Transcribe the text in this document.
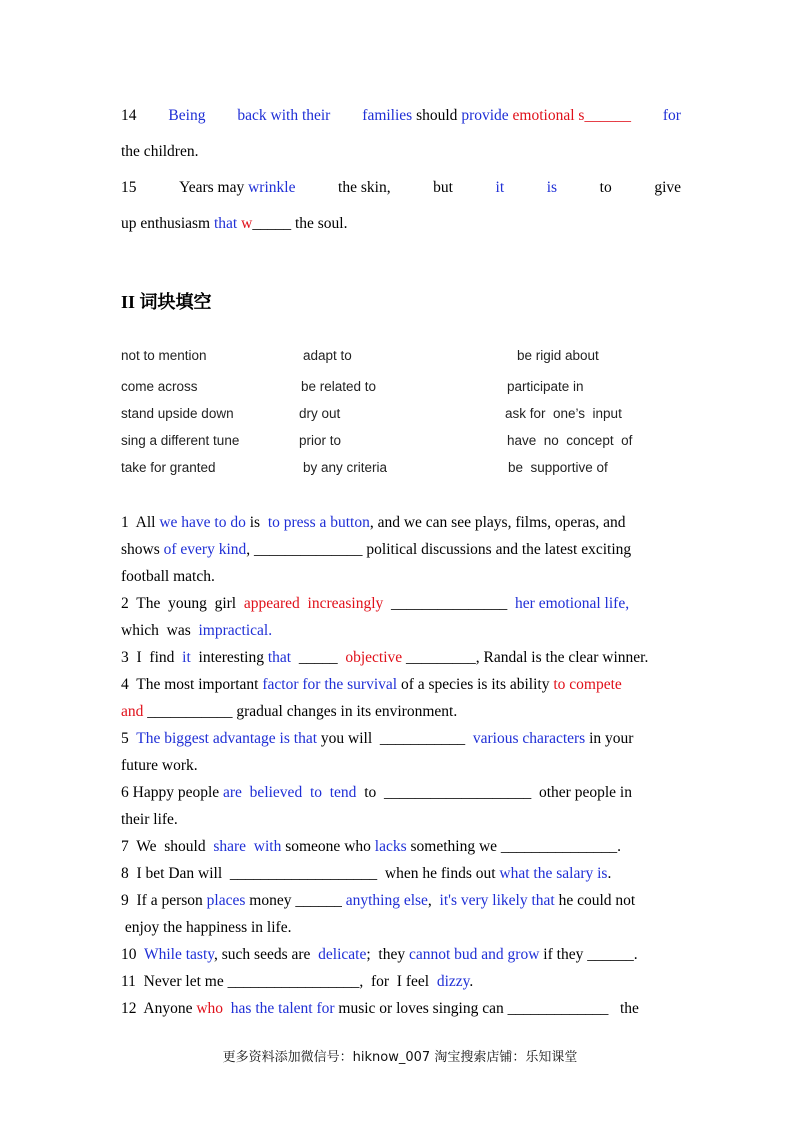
14 Being back with their families should provide emotional s______ for
the children.
15	Years may wrinkle	the skin,	but	it	is	to	give
up enthusiasm that w_____ the soul.
II 词块填空
not to mention	adapt to	be rigid about
come across	be related to	participate in
stand upside down	dry out	ask for  one’s  input
sing a different tune	prior to	have  no  concept  of
take for granted	by any criteria	be  supportive of
1  All we have to do is  to press a button, and we can see plays, films, operas, and
shows of every kind, ______________ political discussions and the latest exciting
football match.
2  The  young  girl  appeared  increasingly  _______________  her emotional life,
which  was  impractical.
3  I  find  it  interesting that  _____  objective _________, Randal is the clear winner.
4  The most important factor for the survival of a species is its ability to compete
and ___________ gradual changes in its environment.
5  The biggest advantage is that you will  ___________  various characters in your
future work.
6 Happy people are  believed  to  tend  to  ___________________  other people in
their life.
7  We  should  share  with someone who lacks something we _______________.
8  I bet Dan will  ___________________  when he finds out what the salary is.
9  If a person places money ______ anything else,  it's very likely that he could not
enjoy the happiness in life.
10  While tasty, such seeds are  delicate;  they cannot bud and grow if they ______.
11  Never let me _________________,  for  I feel  dizzy.
12  Anyone who has the talent for music or loves singing can _____________   the
更多资料添加微信号：hiknow_007 淘宝搜索店铺：乐知课堂
